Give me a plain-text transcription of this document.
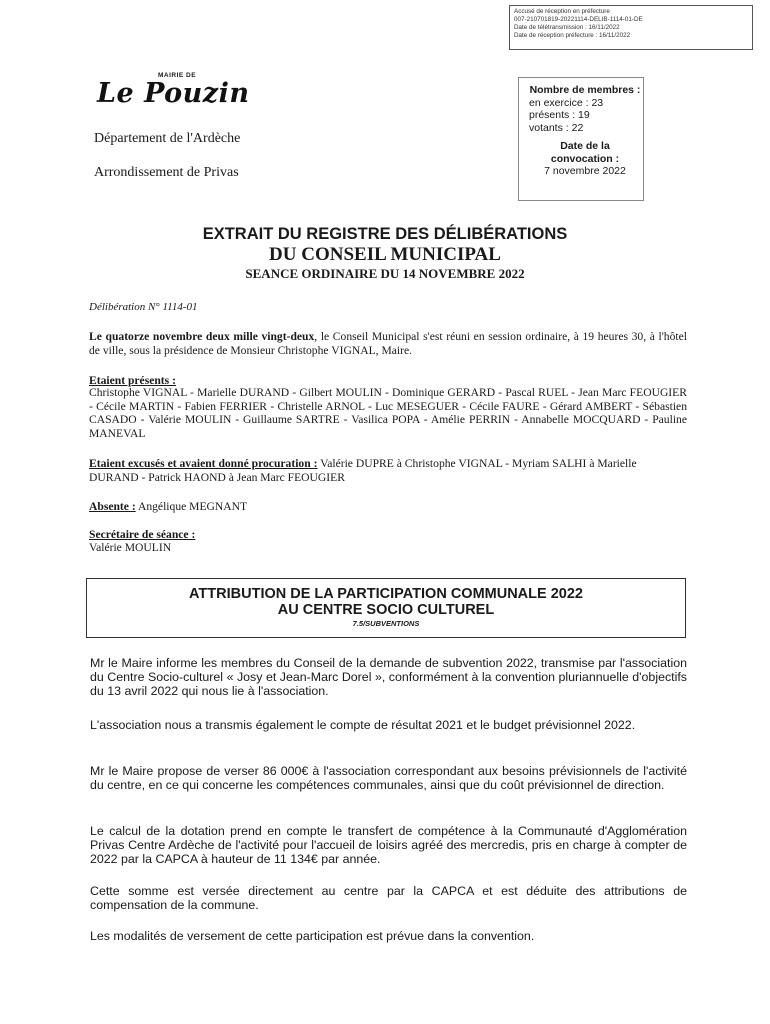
Accusé de réception en préfecture
007-210701819-20221114-DELIB-1114-01-DE
Date de télétransmission : 16/11/2022
Date de réception préfecture : 16/11/2022
MAIRIE DE
Le Pouzin
Département de l'Ardèche
Arrondissement de Privas
Nombre de membres :
en exercice : 23
présents : 19
votants : 22
Date de la convocation :
7 novembre 2022
EXTRAIT DU REGISTRE DES DÉLIBÉRATIONS
DU CONSEIL MUNICIPAL
SEANCE ORDINAIRE DU 14 NOVEMBRE 2022
Délibération N° 1114-01
Le quatorze novembre deux mille vingt-deux, le Conseil Municipal s'est réuni en session ordinaire, à 19 heures 30, à l'hôtel de ville, sous la présidence de Monsieur Christophe VIGNAL, Maire.
Etaient présents :
Christophe VIGNAL - Marielle DURAND - Gilbert MOULIN - Dominique GERARD - Pascal RUEL - Jean Marc FEOUGIER - Cécile MARTIN - Fabien FERRIER - Christelle ARNOL - Luc MESEGUER - Cécile FAURE - Gérard AMBERT - Sébastien CASADO - Valérie MOULIN - Guillaume SARTRE - Vasilica POPA - Amélie PERRIN - Annabelle MOCQUARD - Pauline MANEVAL
Etaient excusés et avaient donné procuration : Valérie DUPRE à Christophe VIGNAL - Myriam SALHI à Marielle DURAND - Patrick HAOND à Jean Marc FEOUGIER
Absente : Angélique MEGNANT
Secrétaire de séance :
Valérie MOULIN
ATTRIBUTION DE LA PARTICIPATION COMMUNALE 2022
AU CENTRE SOCIO CULTUREL
7.5/SUBVENTIONS
Mr le Maire informe les membres du Conseil de la demande de subvention 2022, transmise par l'association du Centre Socio-culturel « Josy et Jean-Marc Dorel », conformément à la convention pluriannuelle d'objectifs du 13 avril 2022 qui nous lie à l'association.
L'association nous a transmis également le compte de résultat 2021 et le budget prévisionnel 2022.
Mr le Maire propose de verser 86 000€ à l'association correspondant aux besoins prévisionnels de l'activité du centre, en ce qui concerne les compétences communales, ainsi que du coût prévisionnel de direction.
Le calcul de la dotation prend en compte le transfert de compétence à la Communauté d'Agglomération Privas Centre Ardèche de l'activité pour l'accueil de loisirs agréé des mercredis, pris en charge à compter de 2022 par la CAPCA à hauteur de 11 134€ par année.
Cette somme est versée directement au centre par la CAPCA et est déduite des attributions de compensation de la commune.
Les modalités de versement de cette participation est prévue dans la convention.
